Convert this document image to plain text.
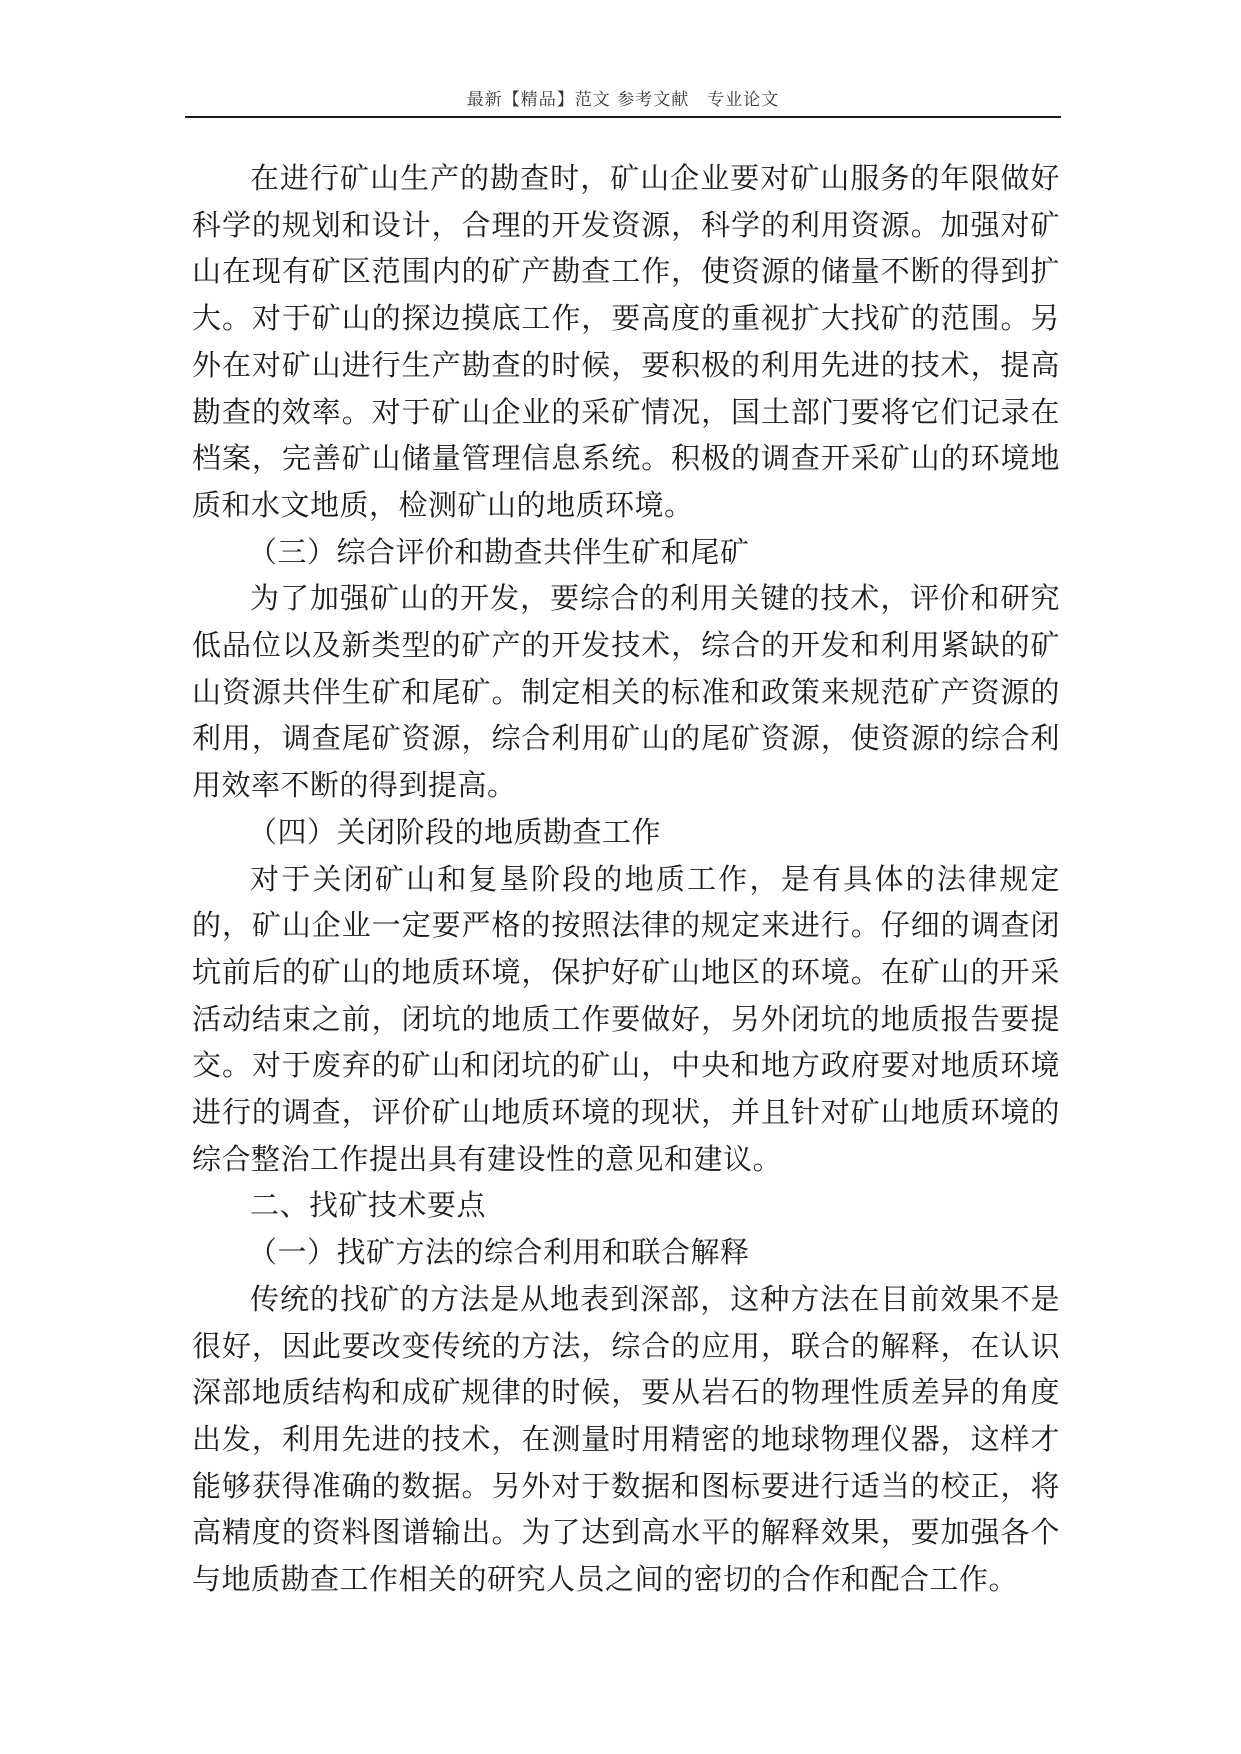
最新【精品】范文 参考文献　专业论文

在进行矿山生产的勘查时，矿山企业要对矿山服务的年限做好科学的规划和设计，合理的开发资源，科学的利用资源。加强对矿山在现有矿区范围内的矿产勘查工作，使资源的储量不断的得到扩大。对于矿山的探边摸底工作，要高度的重视扩大找矿的范围。另外在对矿山进行生产勘查的时候，要积极的利用先进的技术，提高勘查的效率。对于矿山企业的采矿情况，国土部门要将它们记录在档案，完善矿山储量管理信息系统。积极的调查开采矿山的环境地质和水文地质，检测矿山的地质环境。

（三）综合评价和勘查共伴生矿和尾矿

为了加强矿山的开发，要综合的利用关键的技术，评价和研究低品位以及新类型的矿产的开发技术，综合的开发和利用紧缺的矿山资源共伴生矿和尾矿。制定相关的标准和政策来规范矿产资源的利用，调查尾矿资源，综合利用矿山的尾矿资源，使资源的综合利用效率不断的得到提高。

（四）关闭阶段的地质勘查工作

对于关闭矿山和复垦阶段的地质工作，是有具体的法律规定的，矿山企业一定要严格的按照法律的规定来进行。仔细的调查闭坑前后的矿山的地质环境，保护好矿山地区的环境。在矿山的开采活动结束之前，闭坑的地质工作要做好，另外闭坑的地质报告要提交。对于废弃的矿山和闭坑的矿山，中央和地方政府要对地质环境进行的调查，评价矿山地质环境的现状，并且针对矿山地质环境的综合整治工作提出具有建设性的意见和建议。

二、找矿技术要点

（一）找矿方法的综合利用和联合解释

传统的找矿的方法是从地表到深部，这种方法在目前效果不是很好，因此要改变传统的方法，综合的应用，联合的解释，在认识深部地质结构和成矿规律的时候，要从岩石的物理性质差异的角度出发，利用先进的技术，在测量时用精密的地球物理仪器，这样才能够获得准确的数据。另外对于数据和图标要进行适当的校正，将高精度的资料图谱输出。为了达到高水平的解释效果，要加强各个与地质勘查工作相关的研究人员之间的密切的合作和配合工作。
